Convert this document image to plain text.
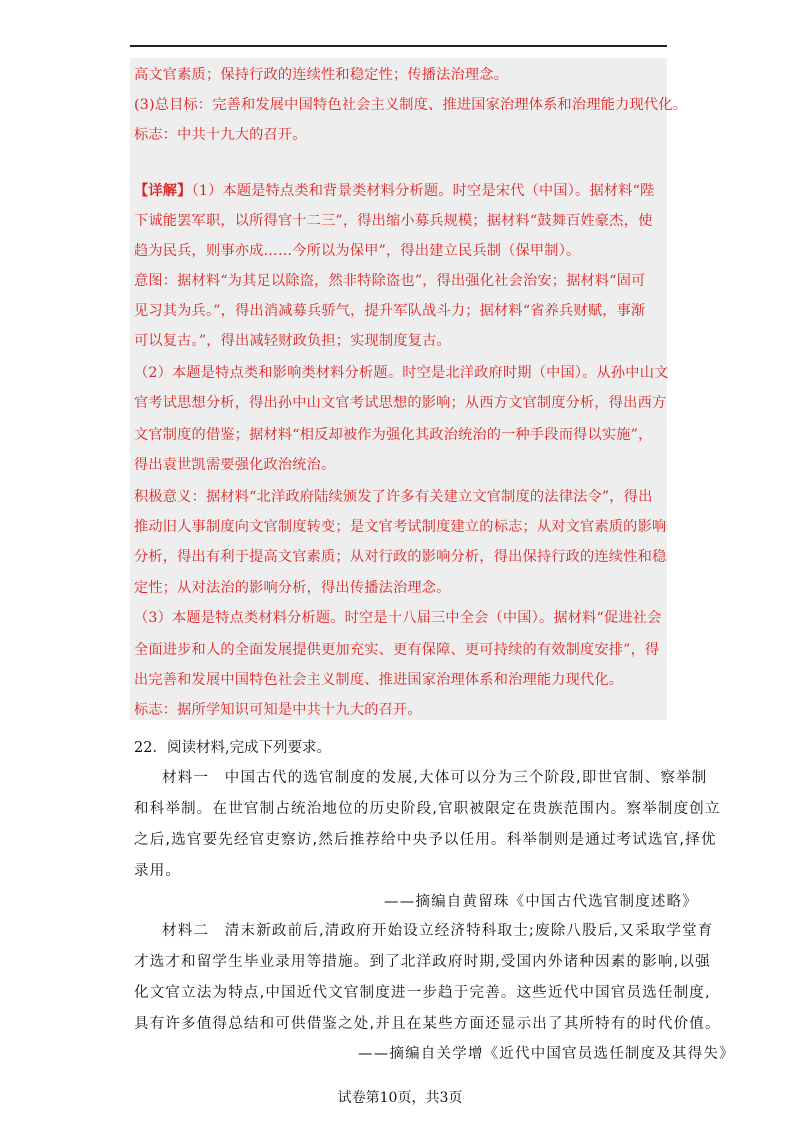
高文官素质；保持行政的连续性和稳定性；传播法治理念。
(3)总目标：完善和发展中国特色社会主义制度、推进国家治理体系和治理能力现代化。
标志：中共十九大的召开。
【详解】（1）本题是特点类和背景类材料分析题。时空是宋代（中国）。据材料“陛
下诚能罢军职，以所得官十二三”，得出缩小募兵规模；据材料“鼓舞百姓豪杰，使
趋为民兵，则事亦成……今所以为保甲”，得出建立民兵制（保甲制）。
意图：据材料“为其足以除盗，然非特除盗也”，得出强化社会治安；据材料“固可
见习其为兵。”，得出消减募兵骄气，提升军队战斗力；据材料“省养兵财赋，事渐
可以复古。”，得出减轻财政负担；实现制度复古。
（2）本题是特点类和影响类材料分析题。时空是北洋政府时期（中国）。从孙中山文
官考试思想分析，得出孙中山文官考试思想的影响；从西方文官制度分析，得出西方
文官制度的借鉴；据材料“相反却被作为强化其政治统治的一种手段而得以实施”，
得出袁世凯需要强化政治统治。
积极意义：据材料“北洋政府陆续颁发了许多有关建立文官制度的法律法令”，得出
推动旧人事制度向文官制度转变；是文官考试制度建立的标志；从对文官素质的影响
分析，得出有利于提高文官素质；从对行政的影响分析，得出保持行政的连续性和稳
定性；从对法治的影响分析，得出传播法治理念。
（3）本题是特点类材料分析题。时空是十八届三中全会（中国）。据材料“促进社会
全面进步和人的全面发展提供更加充实、更有保障、更可持续的有效制度安排”，得
出完善和发展中国特色社会主义制度、推进国家治理体系和治理能力现代化。
标志：据所学知识可知是中共十九大的召开。
22．阅读材料,完成下列要求。
材料一　中国古代的选官制度的发展,大体可以分为三个阶段,即世官制、察举制
和科举制。在世官制占统治地位的历史阶段,官职被限定在贵族范围内。察举制度创立
之后,选官要先经官吏察访,然后推荐给中央予以任用。科举制则是通过考试选官,择优
录用。
——摘编自黄留珠《中国古代选官制度述略》
材料二　清末新政前后,清政府开始设立经济特科取士;废除八股后,又采取学堂育
才选才和留学生毕业录用等措施。到了北洋政府时期,受国内外诸种因素的影响,以强
化文官立法为特点,中国近代文官制度进一步趋于完善。这些近代中国官员选任制度,
具有许多值得总结和可供借鉴之处,并且在某些方面还显示出了其所特有的时代价值。
——摘编自关学增《近代中国官员选任制度及其得失》
试卷第10页，共3页
